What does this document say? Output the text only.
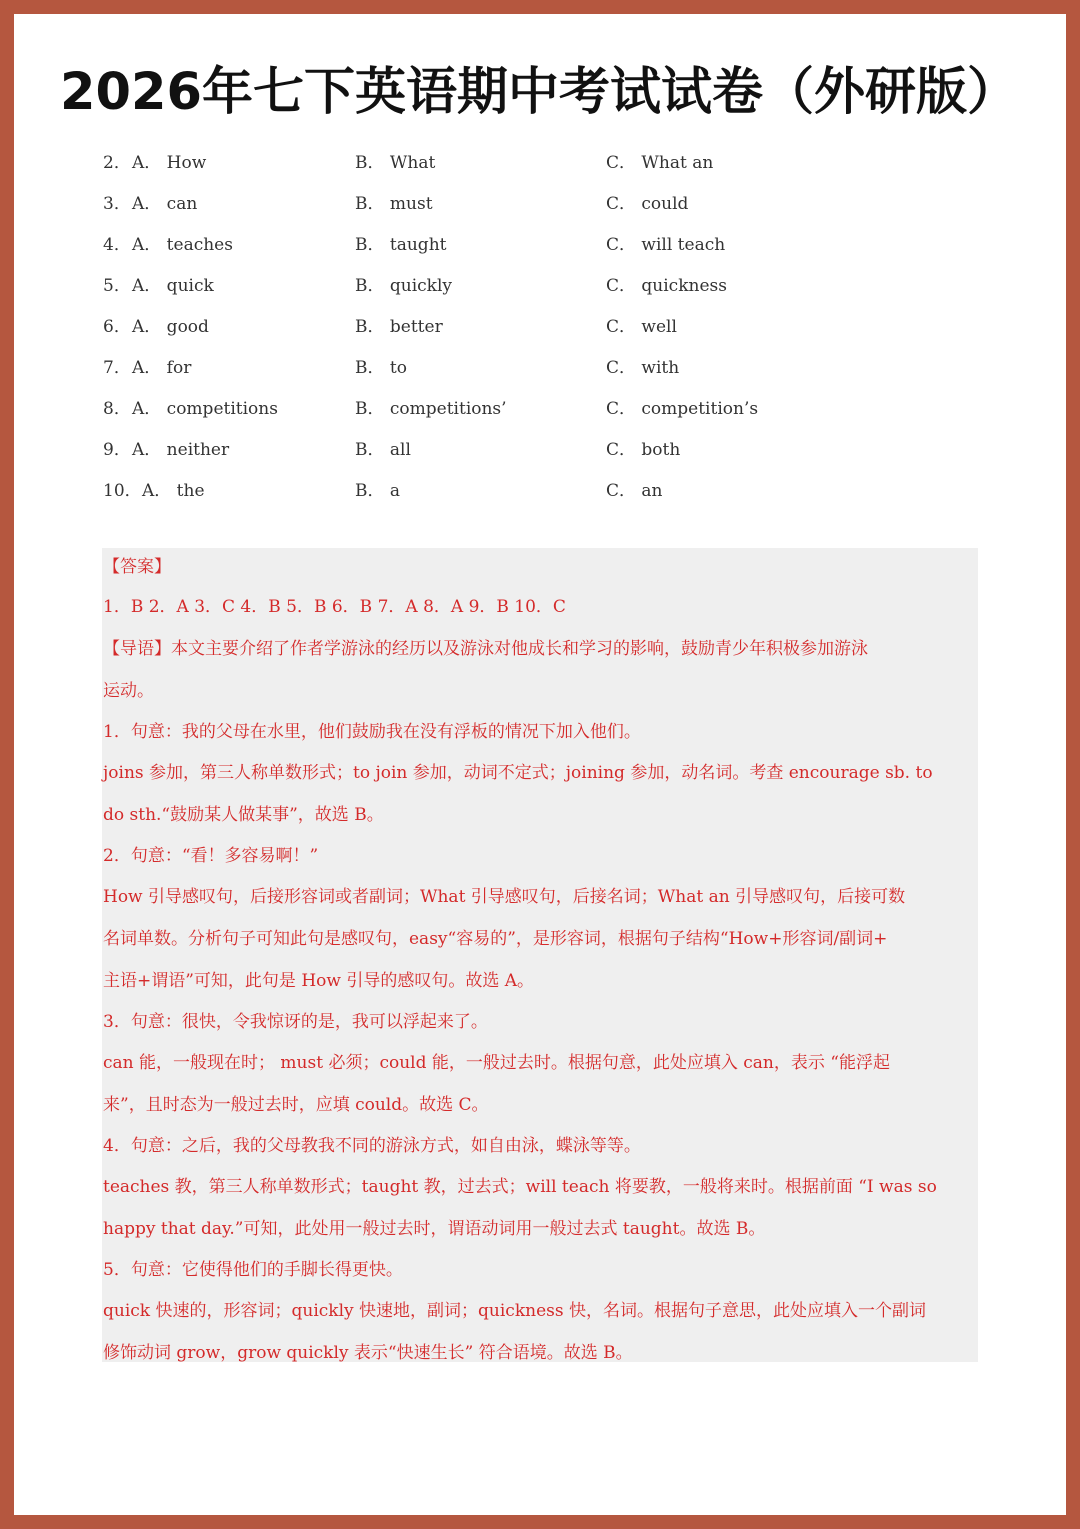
2026年七下英语期中考试试卷（外研版）
2． A． How	B． What	C． What an
3． A． can	B． must	C． could
4． A． teaches	B． taught	C． will teach
5． A． quick	B． quickly	C． quickness
6． A． good	B． better	C． well
7． A． for	B． to	C． with
8． A． competitions	B． competitions’	C． competition’s
9． A． neither	B． all	C． both
10． A． the	B． a	C． an
【答案】
1．B 2．A 3．C 4．B 5．B 6．B 7．A 8．A 9．B 10．C
【导语】本文主要介绍了作者学游泳的经历以及游泳对他成长和学习的影响，鼓励青少年积极参加游泳
运动。
1．句意：我的父母在水里，他们鼓励我在没有浮板的情况下加入他们。
joins 参加，第三人称单数形式；to join 参加，动词不定式；joining 参加，动名词。考查 encourage sb. to
do sth.“鼓励某人做某事”，故选 B。
2．句意：“看！多容易啊！”
How 引导感叹句，后接形容词或者副词；What 引导感叹句，后接名词；What an 引导感叹句，后接可数
名词单数。分析句子可知此句是感叹句，easy“容易的”，是形容词，根据句子结构“How+形容词/副词+
主语+谓语”可知，此句是 How 引导的感叹句。故选 A。
3．句意：很快，令我惊讶的是，我可以浮起来了。
can 能，一般现在时； must 必须；could 能，一般过去时。根据句意，此处应填入 can，表示 “能浮起
来”，且时态为一般过去时，应填 could。故选 C。
4．句意：之后，我的父母教我不同的游泳方式，如自由泳，蝶泳等等。
teaches 教，第三人称单数形式；taught 教，过去式；will teach 将要教，一般将来时。根据前面 “I was so
happy that day.”可知，此处用一般过去时，谓语动词用一般过去式 taught。故选 B。
5．句意：它使得他们的手脚长得更快。
quick 快速的，形容词；quickly 快速地，副词；quickness 快，名词。根据句子意思，此处应填入一个副词
修饰动词 grow，grow quickly 表示“快速生长” 符合语境。故选 B。
